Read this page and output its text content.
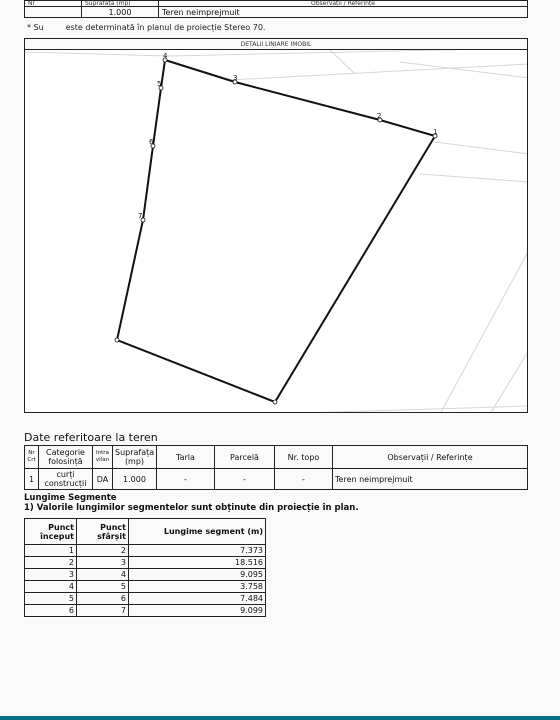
Nr	Suprafața (mp)	Observații / Referințe
	1.000	Teren neimprejmuit
* Su	este determinată în planul de proiecție Stereo 70.
DETALII LINIARE IMOBIL
1
2
3
4
5
6
7
Date referitoare la teren
Nr Crt	Categorie folosință	Intra vilan	Suprafața (mp)	Tarla	Parcelă	Nr. topo	Observații / Referințe
1	curți construcții	DA	1.000	-	-	-	Teren neimprejmuit
Lungime Segmente
1) Valorile lungimilor segmentelor sunt obținute din proiecție în plan.
Punct început	Punct sfârșit	Lungime segment (m)
1	2	7.373
2	3	18.516
3	4	9.095
4	5	3.758
5	6	7.484
6	7	9.099
